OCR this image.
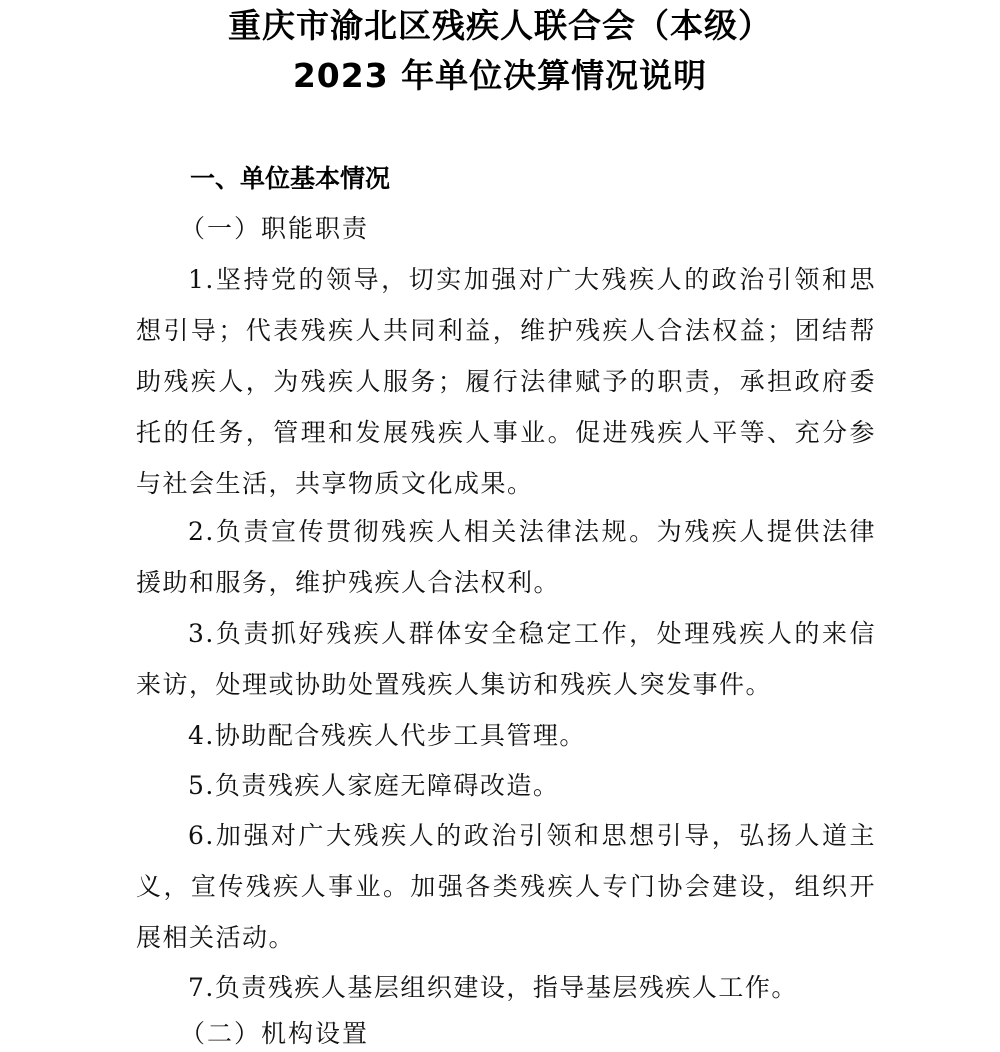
重庆市渝北区残疾人联合会（本级）
2023 年单位决算情况说明
一、单位基本情况
（一）职能职责
1.坚持党的领导，切实加强对广大残疾人的政治引领和思想引导；代表残疾人共同利益，维护残疾人合法权益；团结帮助残疾人，为残疾人服务；履行法律赋予的职责，承担政府委托的任务，管理和发展残疾人事业。促进残疾人平等、充分参与社会生活，共享物质文化成果。
2.负责宣传贯彻残疾人相关法律法规。为残疾人提供法律援助和服务，维护残疾人合法权利。
3.负责抓好残疾人群体安全稳定工作，处理残疾人的来信来访，处理或协助处置残疾人集访和残疾人突发事件。
4.协助配合残疾人代步工具管理。
5.负责残疾人家庭无障碍改造。
6.加强对广大残疾人的政治引领和思想引导，弘扬人道主义，宣传残疾人事业。加强各类残疾人专门协会建设，组织开展相关活动。
7.负责残疾人基层组织建设，指导基层残疾人工作。
（二）机构设置
